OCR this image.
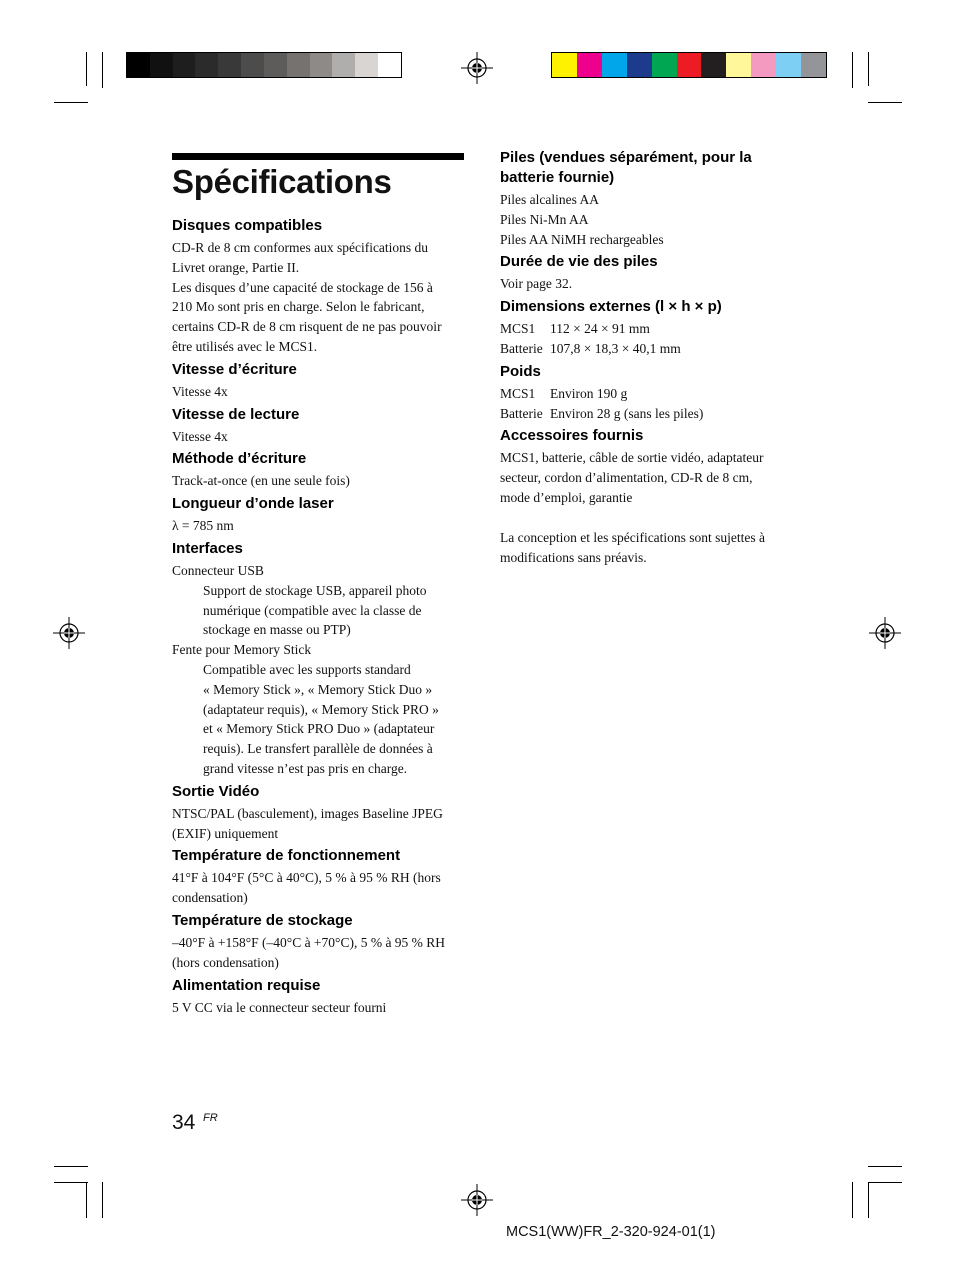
Spécifications
Disques compatibles

CD-R de 8 cm conformes aux spécifications du
Livret orange, Partie II.
Les disques d’une capacité de stockage de 156 à
210 Mo sont pris en charge. Selon le fabricant,
certains CD-R de 8 cm risquent de ne pas pouvoir
être utilisés avec le MCS1.

Vitesse d’écriture

Vitesse 4x

Vitesse de lecture

Vitesse 4x

Méthode d’écriture

Track-at-once (en une seule fois)

Longueur d’onde laser

λ = 785 nm

Interfaces

Connecteur USB

Support de stockage USB, appareil photo
numérique (compatible avec la classe de
stockage en masse ou PTP)

Fente pour Memory Stick

Compatible avec les supports standard
« Memory Stick », « Memory Stick Duo »
(adaptateur requis), « Memory Stick PRO »
et « Memory Stick PRO Duo » (adaptateur
requis). Le transfert parallèle de données à
grand vitesse n’est pas pris en charge.

Sortie Vidéo

NTSC/PAL (basculement), images Baseline JPEG
(EXIF) uniquement

Température de fonctionnement

41°F à 104°F (5°C à 40°C), 5 % à 95 % RH (hors
condensation)

Température de stockage

–40°F à +158°F (–40°C à +70°C), 5 % à 95 % RH
(hors condensation)

Alimentation requise

5 V CC via le connecteur secteur fourni

Piles (vendues séparément, pour la
batterie fournie)

Piles alcalines AA
Piles Ni-Mn AA
Piles AA NiMH rechargeables

Durée de vie des piles

Voir page 32.

Dimensions externes (l × h × p)
MCS1	112 × 24 × 91 mm
Batterie 107,8 × 18,3 × 40,1 mm
Poids
MCS1	Environ 190 g
Batterie Environ 28 g (sans les piles)
Accessoires fournis

MCS1, batterie, câble de sortie vidéo, adaptateur
secteur, cordon d’alimentation, CD-R de 8 cm,
mode d’emploi, garantie

La conception et les spécifications sont sujettes à
modifications sans préavis.
34 FR
MCS1(WW)FR_2-320-924-01(1)
